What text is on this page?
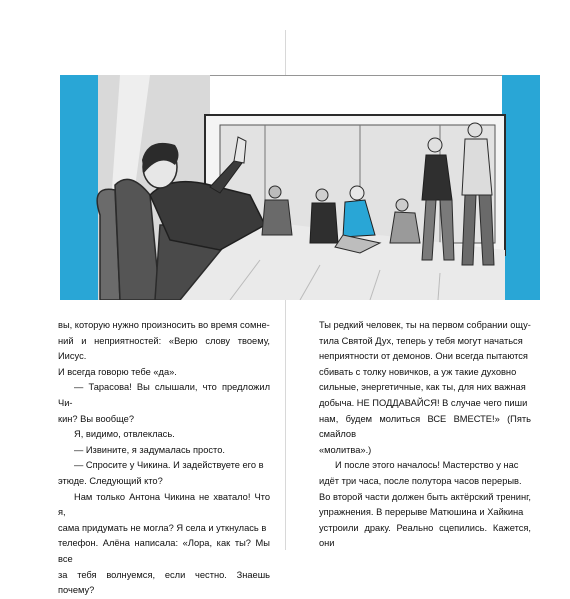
вы, которую нужно произносить во время сомне-

ний и неприятностей: «Верю слову твоему, Иисус.

И всегда говорю тебе «да».

— Тарасова! Вы слышали, что предложил Чи-

кин? Вы вообще?

Я, видимо, отвлеклась.

— Извините, я задумалась просто.

— Спросите у Чикина. И задействуете его в

этюде. Следующий кто?

Нам только Антона Чикина не хватало! Что я,

сама придумать не могла? Я села и уткнулась в

телефон. Алёна написала: «Лора, как ты? Мы все

за тебя волнуемся, если честно. Знаешь почему?

Ты редкий человек, ты на первом собрании ощу-

тила Святой Дух, теперь у тебя могут начаться

неприятности от демонов. Они всегда пытаются

сбивать с толку новичков, а уж такие духовно

сильные, энергетичные, как ты, для них важная

добыча. НЕ ПОДДАВАЙСЯ! В случае чего пиши

нам, будем молиться ВСЕ ВМЕСТЕ!» (Пять смайлов

«молитва».)

И после этого началось! Мастерство у нас

идёт три часа, после полутора часов перерыв.

Во второй части должен быть актёрский тренинг,

упражнения. В перерыве Матюшина и Хайкина

устроили драку. Реально сцепились. Кажется, они
